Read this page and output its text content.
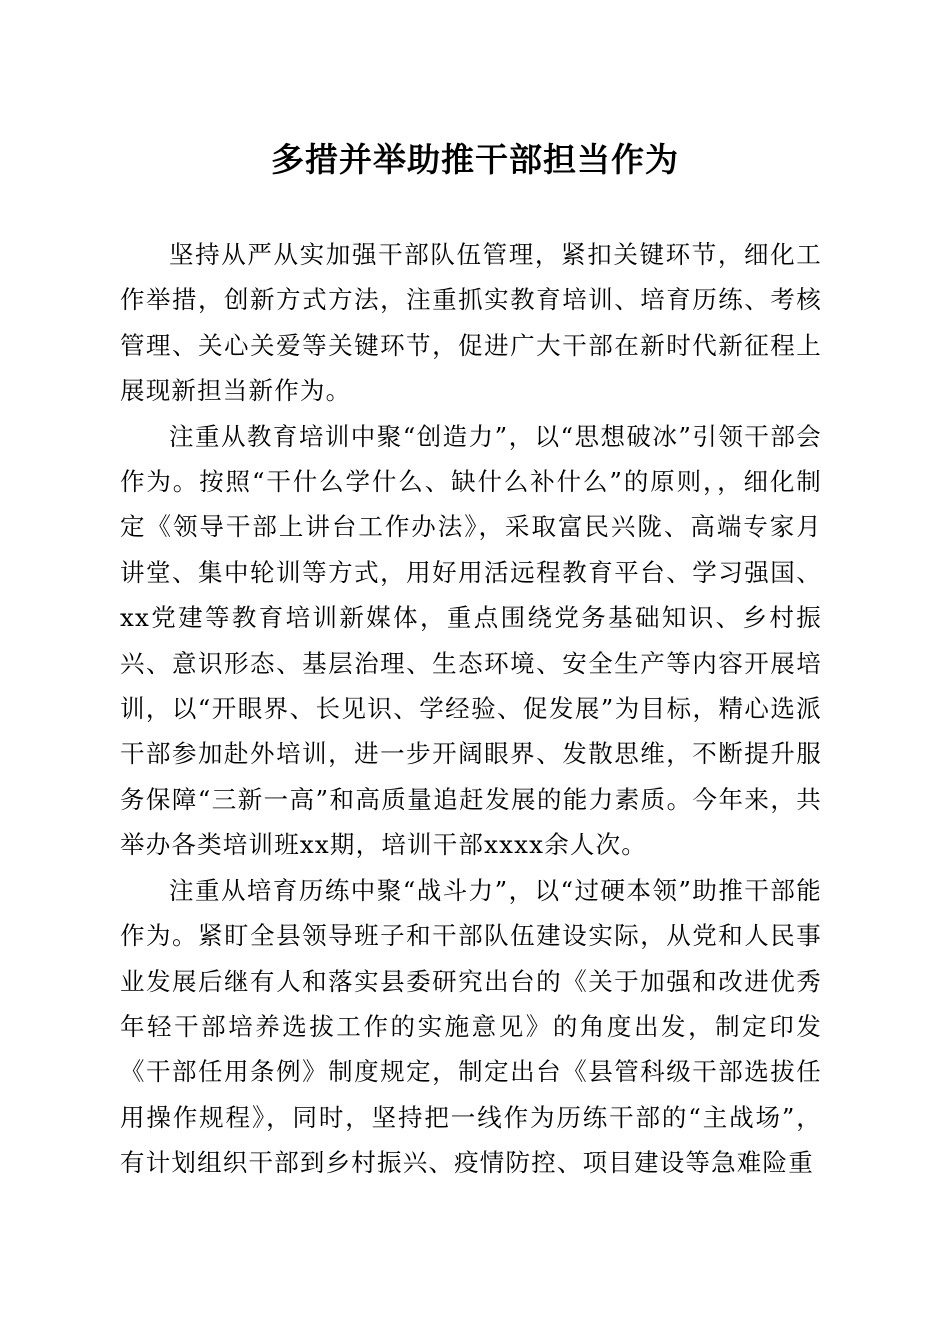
多措并举助推干部担当作为

坚持从严从实加强干部队伍管理，紧扣关键环节，细化工作举措，创新方式方法，注重抓实教育培训、培育历练、考核管理、关心关爱等关键环节，促进广大干部在新时代新征程上展现新担当新作为。

注重从教育培训中聚“创造力”，以“思想破冰”引领干部会作为。按照“干什么学什么、缺什么补什么”的原则，，细化制定《领导干部上讲台工作办法》，采取富民兴陇、高端专家月讲堂、集中轮训等方式，用好用活远程教育平台、学习强国、xx党建等教育培训新媒体，重点围绕党务基础知识、乡村振兴、意识形态、基层治理、生态环境、安全生产等内容开展培训，以“开眼界、长见识、学经验、促发展”为目标，精心选派干部参加赴外培训，进一步开阔眼界、发散思维，不断提升服务保障“三新一高”和高质量追赶发展的能力素质。今年来，共举办各类培训班xx期，培训干部xxxx余人次。

注重从培育历练中聚“战斗力”，以“过硬本领”助推干部能作为。紧盯全县领导班子和干部队伍建设实际，从党和人民事业发展后继有人和落实县委研究出台的《关于加强和改进优秀年轻干部培养选拔工作的实施意见》的角度出发，制定印发《干部任用条例》制度规定，制定出台《县管科级干部选拔任用操作规程》，同时，坚持把一线作为历练干部的“主战场”，有计划组织干部到乡村振兴、疫情防控、项目建设等急难险重
